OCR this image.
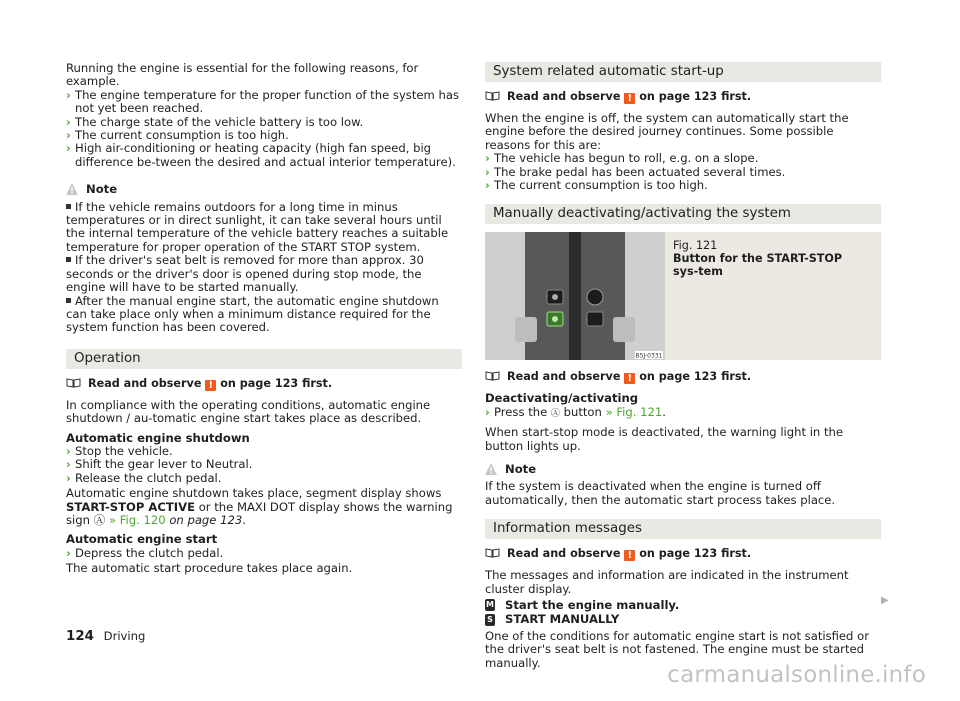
Running the engine is essential for the following reasons, for example.

› The engine temperature for the proper function of the system has not yet been reached.
› The charge state of the vehicle battery is too low.
› The current consumption is too high.
› High air-conditioning or heating capacity (high fan speed, big difference be-tween the desired and actual interior temperature).
Note

If the vehicle remains outdoors for a long time in minus temperatures or in direct sunlight, it can take several hours until the internal temperature of the vehicle battery reaches a suitable temperature for proper operation of the START STOP system.

If the driver's seat belt is removed for more than approx. 30 seconds or the driver's door is opened during stop mode, the engine will have to be started manually.

After the manual engine start, the automatic engine shutdown can take place only when a minimum distance required for the system function has been covered.

Operation
Read and observe ! on page 123 first.

In compliance with the operating conditions, automatic engine shutdown / au-tomatic engine start takes place as described.

Automatic engine shutdown

› Stop the vehicle.
› Shift the gear lever to Neutral.
› Release the clutch pedal.

Automatic engine shutdown takes place, segment display shows START-STOP ACTIVE or the MAXI DOT display shows the warning sign Ⓐ » Fig. 120 on page 123.

Automatic engine start

› Depress the clutch pedal.

The automatic start procedure takes place again.

System related automatic start-up
Read and observe ! on page 123 first.

When the engine is off, the system can automatically start the engine before the desired journey continues. Some possible reasons for this are:

› The vehicle has begun to roll, e.g. on a slope.
› The brake pedal has been actuated several times.
› The current consumption is too high.
Manually deactivating/activating the system
B5J-0331
Fig. 121
Button for the START-STOP sys-tem
Read and observe ! on page 123 first.

Deactivating/activating

› Press the Ⓐ button » Fig. 121.

When start-stop mode is deactivated, the warning light in the button lights up.

Note

If the system is deactivated when the engine is turned off automatically, then the automatic start process takes place.

Information messages
Read and observe ! on page 123 first.

The messages and information are indicated in the instrument cluster display.

M Start the engine manually.
S START MANUALLY

One of the conditions for automatic engine start is not satisfied or the driver's seat belt is not fastened. The engine must be started manually.

▶
124 Driving
carmanualsonline.info
